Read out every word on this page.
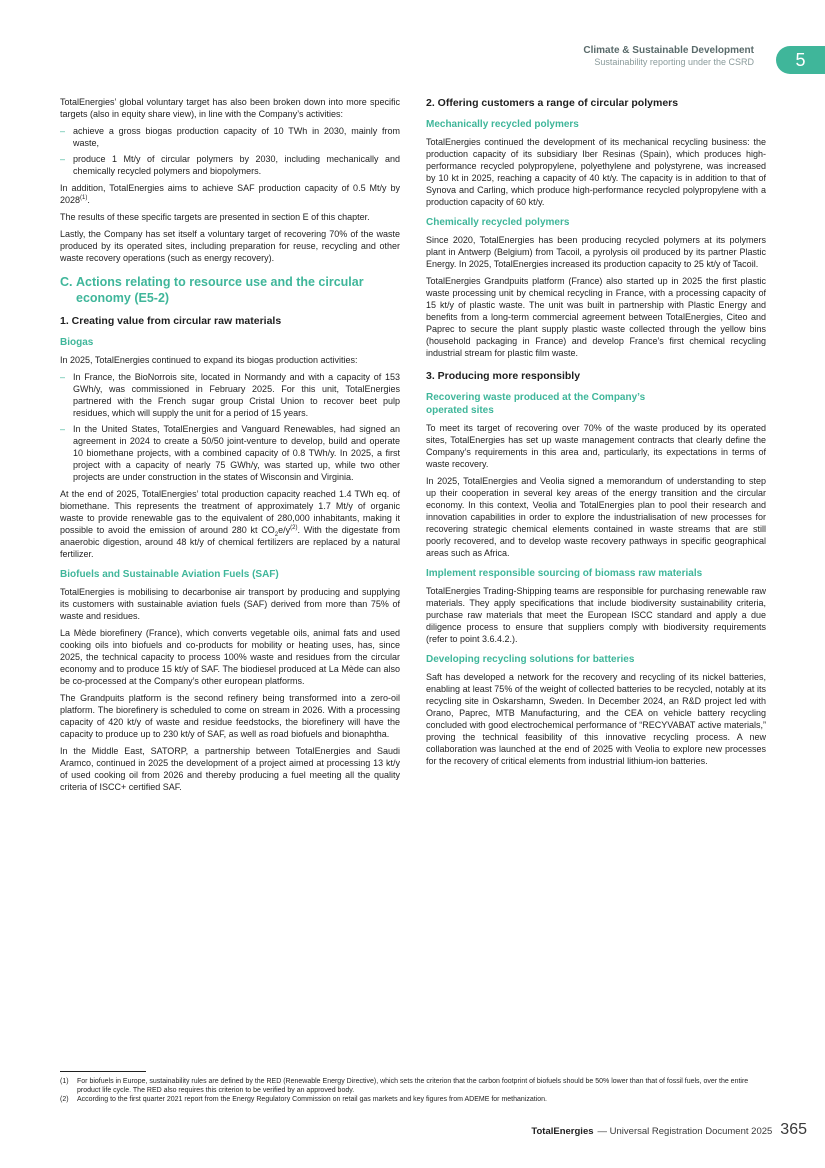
Climate & Sustainable Development
Sustainability reporting under the CSRD	5

TotalEnergies’ global voluntary target has also been broken down into more specific targets (also in equity share view), in line with the Company’s activities:

– achieve a gross biogas production capacity of 10 TWh in 2030, mainly from waste,
– produce 1 Mt/y of circular polymers by 2030, including mechanically and chemically recycled polymers and biopolymers.

In addition, TotalEnergies aims to achieve SAF production capacity of 0.5 Mt/y by 2028$^{(1)}$.

The results of these specific targets are presented in section E of this chapter.

Lastly, the Company has set itself a voluntary target of recovering 70% of the waste produced by its operated sites, including preparation for reuse, recycling and other waste recovery operations (such as energy recovery).

C. Actions relating to resource use and the circular
economy (E5-2)
1. Creating value from circular raw materials
Biogas

In 2025, TotalEnergies continued to expand its biogas production activities:

– In France, the BioNorrois site, located in Normandy and with a capacity of 153 GWh/y, was commissioned in February 2025. For this unit, TotalEnergies partnered with the French sugar group Cristal Union to recover beet pulp residues, which will supply the unit for a period of 15 years.
– In the United States, TotalEnergies and Vanguard Renewables, had signed an agreement in 2024 to create a 50/50 joint-venture to develop, build and operate 10 biomethane projects, with a combined capacity of 0.8 TWh/y. In 2025, a first project with a capacity of nearly 75 GWh/y, was started up, while two other projects are under construction in the states of Wisconsin and Virginia.

At the end of 2025, TotalEnergies’ total production capacity reached 1.4 TWh eq. of biomethane. This represents the treatment of approximately 1.7 Mt/y of organic waste to provide renewable gas to the equivalent of 280,000 inhabitants, making it possible to avoid the emission of around 280 kt $CO_2e/y^{(2)}$. With the digestate from anaerobic digestion, around 48 kt/y of chemical fertilizers are replaced by a natural fertilizer.

Biofuels and Sustainable Aviation Fuels (SAF)

TotalEnergies is mobilising to decarbonise air transport by producing and supplying its customers with sustainable aviation fuels (SAF) derived from more than 75% of waste and residues.

La Mède biorefinery (France), which converts vegetable oils, animal fats and used cooking oils into biofuels and co-products for mobility or heating uses, has, since 2025, the technical capacity to process 100% waste and residues from the circular economy and to produce 15 kt/y of SAF. The biodiesel produced at La Mède can also be co-processed at the Company’s other european platforms.

The Grandpuits platform is the second refinery being transformed into a zero-oil platform. The biorefinery is scheduled to come on stream in 2026. With a processing capacity of 420 kt/y of waste and residue feedstocks, the biorefinery will have the capacity to produce up to 230 kt/y of SAF, as well as road biofuels and bionaphtha.

In the Middle East, SATORP, a partnership between TotalEnergies and Saudi Aramco, continued in 2025 the development of a project aimed at processing 13 kt/y of used cooking oil from 2026 and thereby producing a fuel meeting all the quality criteria of ISCC+ certified SAF.

2. Offering customers a range of circular polymers
Mechanically recycled polymers

TotalEnergies continued the development of its mechanical recycling business: the production capacity of its subsidiary Iber Resinas (Spain), which produces high-performance recycled polypropylene, polyethylene and polystyrene, was increased by 10 kt in 2025, reaching a capacity of 40 kt/y. The capacity is in addition to that of Synova and Carling, which produce high-performance recycled polypropylene with a production capacity of 60 kt/y.

Chemically recycled polymers

Since 2020, TotalEnergies has been producing recycled polymers at its polymers plant in Antwerp (Belgium) from Tacoil, a pyrolysis oil produced by its partner Plastic Energy. In 2025, TotalEnergies increased its production capacity to 25 kt/y of Tacoil.

TotalEnergies Grandpuits platform (France) also started up in 2025 the first plastic waste processing unit by chemical recycling in France, with a processing capacity of 15 kt/y of plastic waste. The unit was built in partnership with Plastic Energy and benefits from a long-term commercial agreement between TotalEnergies, Citeo and Paprec to secure the plant supply plastic waste collected through the yellow bins (household packaging in France) and develop France’s first chemical recycling industrial stream for plastic film waste.

3. Producing more responsibly
Recovering waste produced at the Company’s
operated sites

To meet its target of recovering over 70% of the waste produced by its operated sites, TotalEnergies has set up waste management contracts that clearly define the Company’s requirements in this area and, particularly, its expectations in terms of waste recovery.

In 2025, TotalEnergies and Veolia signed a memorandum of understanding to step up their cooperation in several key areas of the energy transition and the circular economy. In this context, Veolia and TotalEnergies plan to pool their research and innovation capabilities in order to explore the industrialisation of new processes for recovering strategic chemical elements contained in waste streams that are still poorly recovered, and to develop waste recovery pathways in specific geographical areas such as Africa.

Implement responsible sourcing of biomass raw materials

TotalEnergies Trading-Shipping teams are responsible for purchasing renewable raw materials. They apply specifications that include biodiversity sustainability criteria, purchase raw materials that meet the European ISCC standard and apply a due diligence process to ensure that suppliers comply with biodiversity requirements (refer to point 3.6.4.2.).

Developing recycling solutions for batteries

Saft has developed a network for the recovery and recycling of its nickel batteries, enabling at least 75% of the weight of collected batteries to be recycled, notably at its recycling site in Oskarshamn, Sweden. In December 2024, an R&D project led with Orano, Paprec, MTB Manufacturing, and the CEA on vehicle battery recycling concluded with good electrochemical performance of “RECYVABAT active materials,” proving the technical feasibility of this innovative recycling process. A new collaboration was launched at the end of 2025 with Veolia to explore new processes for the recovery of critical elements from industrial lithium-ion batteries.

(1) For biofuels in Europe, sustainability rules are defined by the RED (Renewable Energy Directive), which sets the criterion that the carbon footprint of biofuels should be 50% lower than that of fossil fuels, over the entire product life cycle. The RED also requires this criterion to be verified by an approved body.
(2) According to the first quarter 2021 report from the Energy Regulatory Commission on retail gas markets and key figures from ADEME for methanization.
TotalEnergies — Universal Registration Document 2025 365
